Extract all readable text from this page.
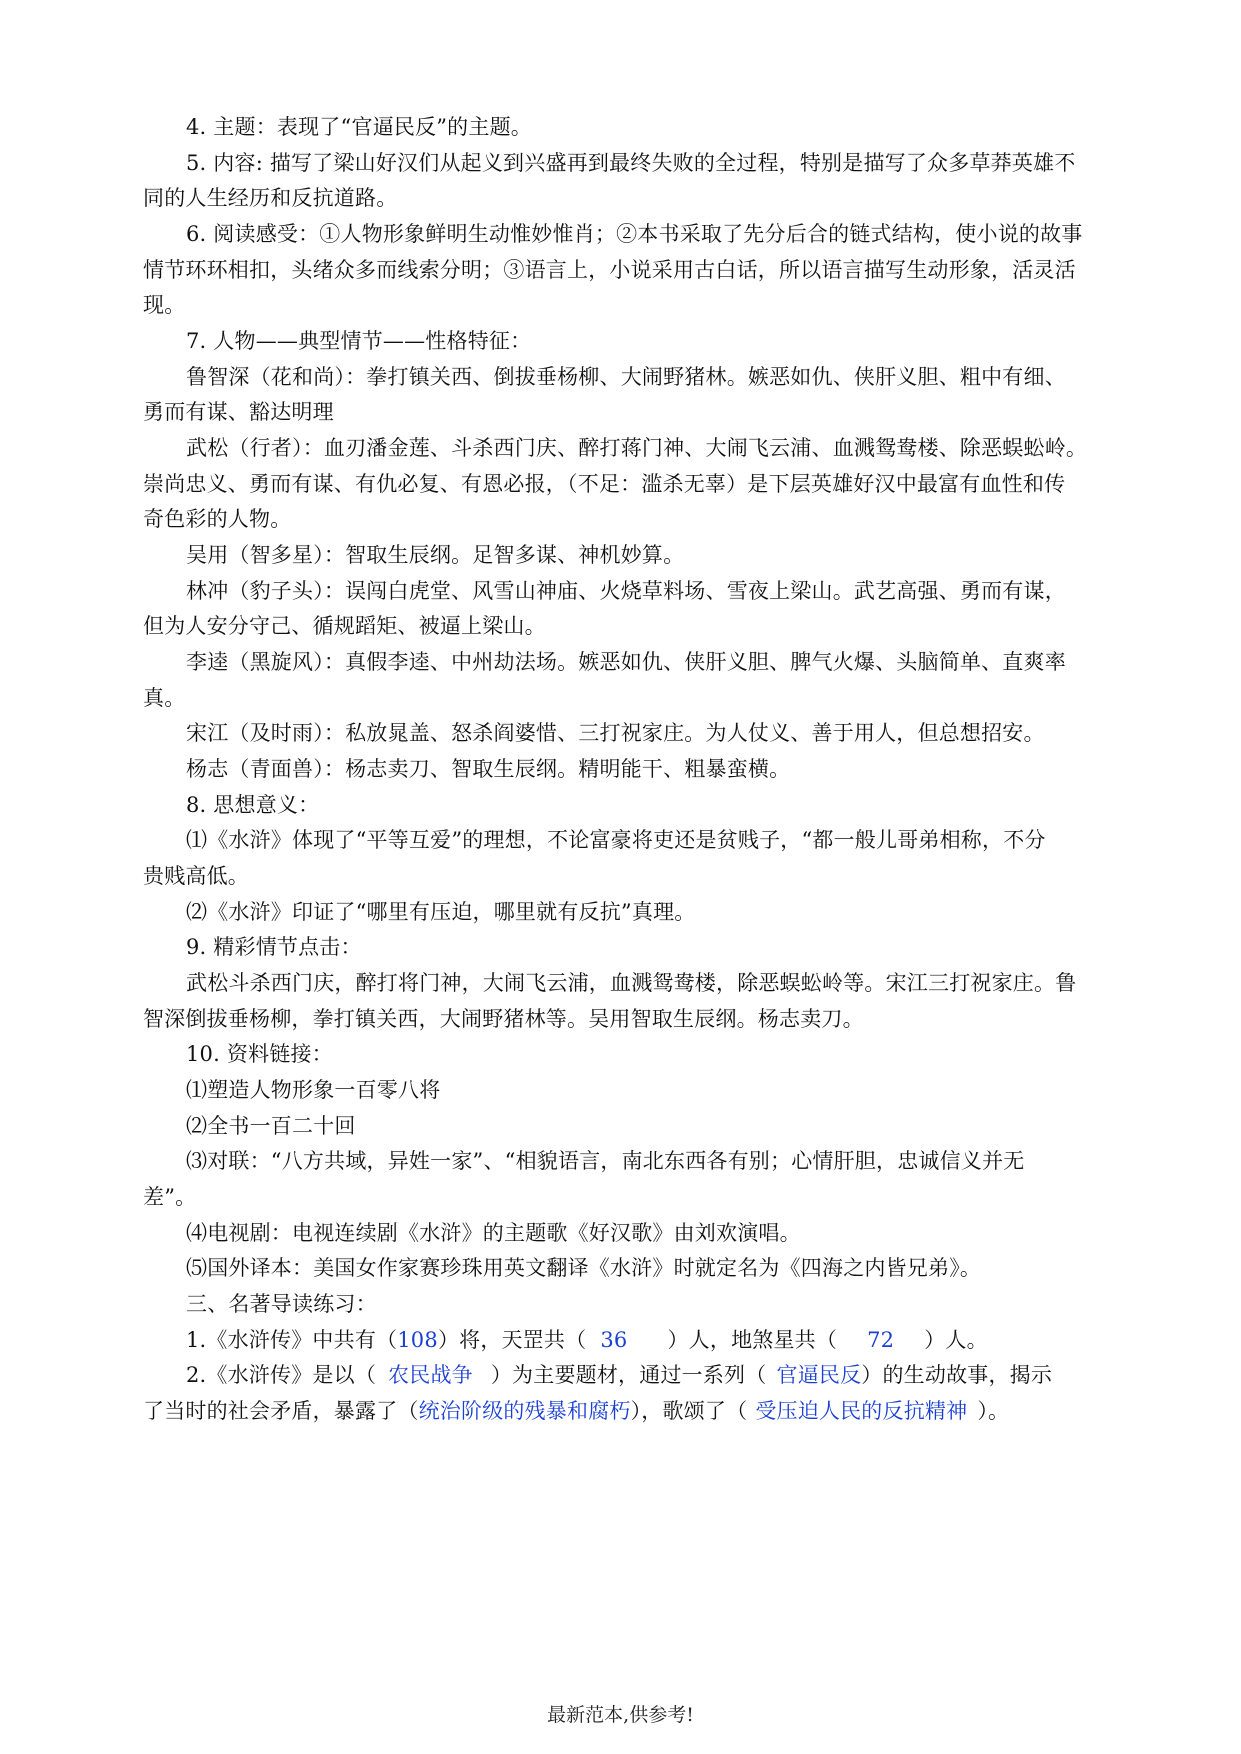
4. 主题：表现了“官逼民反”的主题。
5. 内容: 描写了梁山好汉们从起义到兴盛再到最终失败的全过程，特别是描写了众多草莽英雄不
同的人生经历和反抗道路。
6. 阅读感受：①人物形象鲜明生动惟妙惟肖；②本书采取了先分后合的链式结构，使小说的故事
情节环环相扣，头绪众多而线索分明；③语言上，小说采用古白话，所以语言描写生动形象，活灵活
现。
7. 人物——典型情节——性格特征：
鲁智深（花和尚）：拳打镇关西、倒拔垂杨柳、大闹野猪林。嫉恶如仇、侠肝义胆、粗中有细、
勇而有谋、豁达明理
武松（行者）：血刃潘金莲、斗杀西门庆、醉打蒋门神、大闹飞云浦、血溅鸳鸯楼、除恶蜈蚣岭。
崇尚忠义、勇而有谋、有仇必复、有恩必报，（不足：滥杀无辜）是下层英雄好汉中最富有血性和传
奇色彩的人物。
吴用（智多星）：智取生辰纲。足智多谋、神机妙算。
林冲（豹子头）：误闯白虎堂、风雪山神庙、火烧草料场、雪夜上梁山。武艺高强、勇而有谋，
但为人安分守己、循规蹈矩、被逼上梁山。
李逵（黑旋风）：真假李逵、中州劫法场。嫉恶如仇、侠肝义胆、脾气火爆、头脑简单、直爽率
真。
宋江（及时雨）：私放晁盖、怒杀阎婆惜、三打祝家庄。为人仗义、善于用人，但总想招安。
杨志（青面兽）：杨志卖刀、智取生辰纲。精明能干、粗暴蛮横。
8. 思想意义：
⑴《水浒》体现了“平等互爱”的理想，不论富豪将吏还是贫贱子，“都一般儿哥弟相称，不分
贵贱高低。
⑵《水浒》印证了“哪里有压迫，哪里就有反抗”真理。
9. 精彩情节点击：
武松斗杀西门庆，醉打将门神，大闹飞云浦，血溅鸳鸯楼，除恶蜈蚣岭等。宋江三打祝家庄。鲁
智深倒拔垂杨柳，拳打镇关西，大闹野猪林等。吴用智取生辰纲。杨志卖刀。
10. 资料链接：
⑴塑造人物形象一百零八将
⑵全书一百二十回
⑶对联：“八方共域，异姓一家”、“相貌语言，南北东西各有别；心情肝胆，忠诚信义并无
差”。
⑷电视剧：电视连续剧《水浒》的主题歌《好汉歌》由刘欢演唱。
⑸国外译本：美国女作家赛珍珠用英文翻译《水浒》时就定名为《四海之内皆兄弟》。
三、名著导读练习：
1.《水浒传》中共有（108）将，天罡共（ 36 ）人，地煞星共（ 72 ）人。
2.《水浒传》是以（ 农民战争 ）为主要题材，通过一系列（ 官逼民反）的生动故事，揭示
了当时的社会矛盾，暴露了（统治阶级的残暴和腐朽），歌颂了（ 受压迫人民的反抗精神 ）。
最新范本,供参考!
